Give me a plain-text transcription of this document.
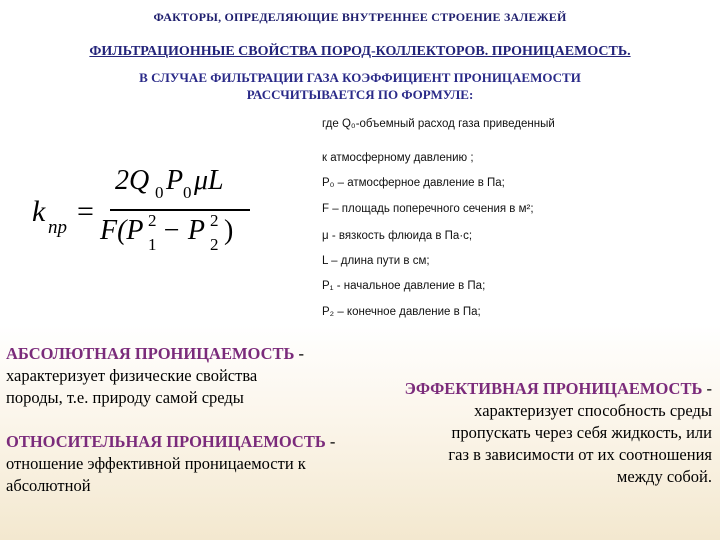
ФАКТОРЫ, ОПРЕДЕЛЯЮЩИЕ ВНУТРЕННЕЕ СТРОЕНИЕ ЗАЛЕЖЕЙ
ФИЛЬТРАЦИОННЫЕ СВОЙСТВА ПОРОД-КОЛЛЕКТОРОВ. ПРОНИЦАЕМОСТЬ.
В СЛУЧАЕ ФИЛЬТРАЦИИ ГАЗА КОЭФФИЦИЕНТ ПРОНИЦАЕМОСТИ
РАССЧИТЫВАЕТСЯ ПО ФОРМУЛЕ:
k пр =
2Q 0 P 0 μL
F(P 2
1 − P 2
2 )
где Q₀-объемный расход газа приведенный
к атмосферному давлению ;
P₀ – атмосферное давление в Па;
F – площадь поперечного сечения в м²;
μ - вязкость флюида в Па·с;
L – длина пути в см;
P₁ - начальное давление в Па;
P₂ – конечное давление в Па;
АБСОЛЮТНАЯ ПРОНИЦАЕМОСТЬ -
характеризует физические свойства
породы, т.е. природу самой среды
ОТНОСИТЕЛЬНАЯ ПРОНИЦАЕМОСТЬ -
отношение эффективной проницаемости к
абсолютной
ЭФФЕКТИВНАЯ ПРОНИЦАЕМОСТЬ -
характеризует способность среды
пропускать через себя жидкость, или
газ в зависимости от их соотношения
между собой.
